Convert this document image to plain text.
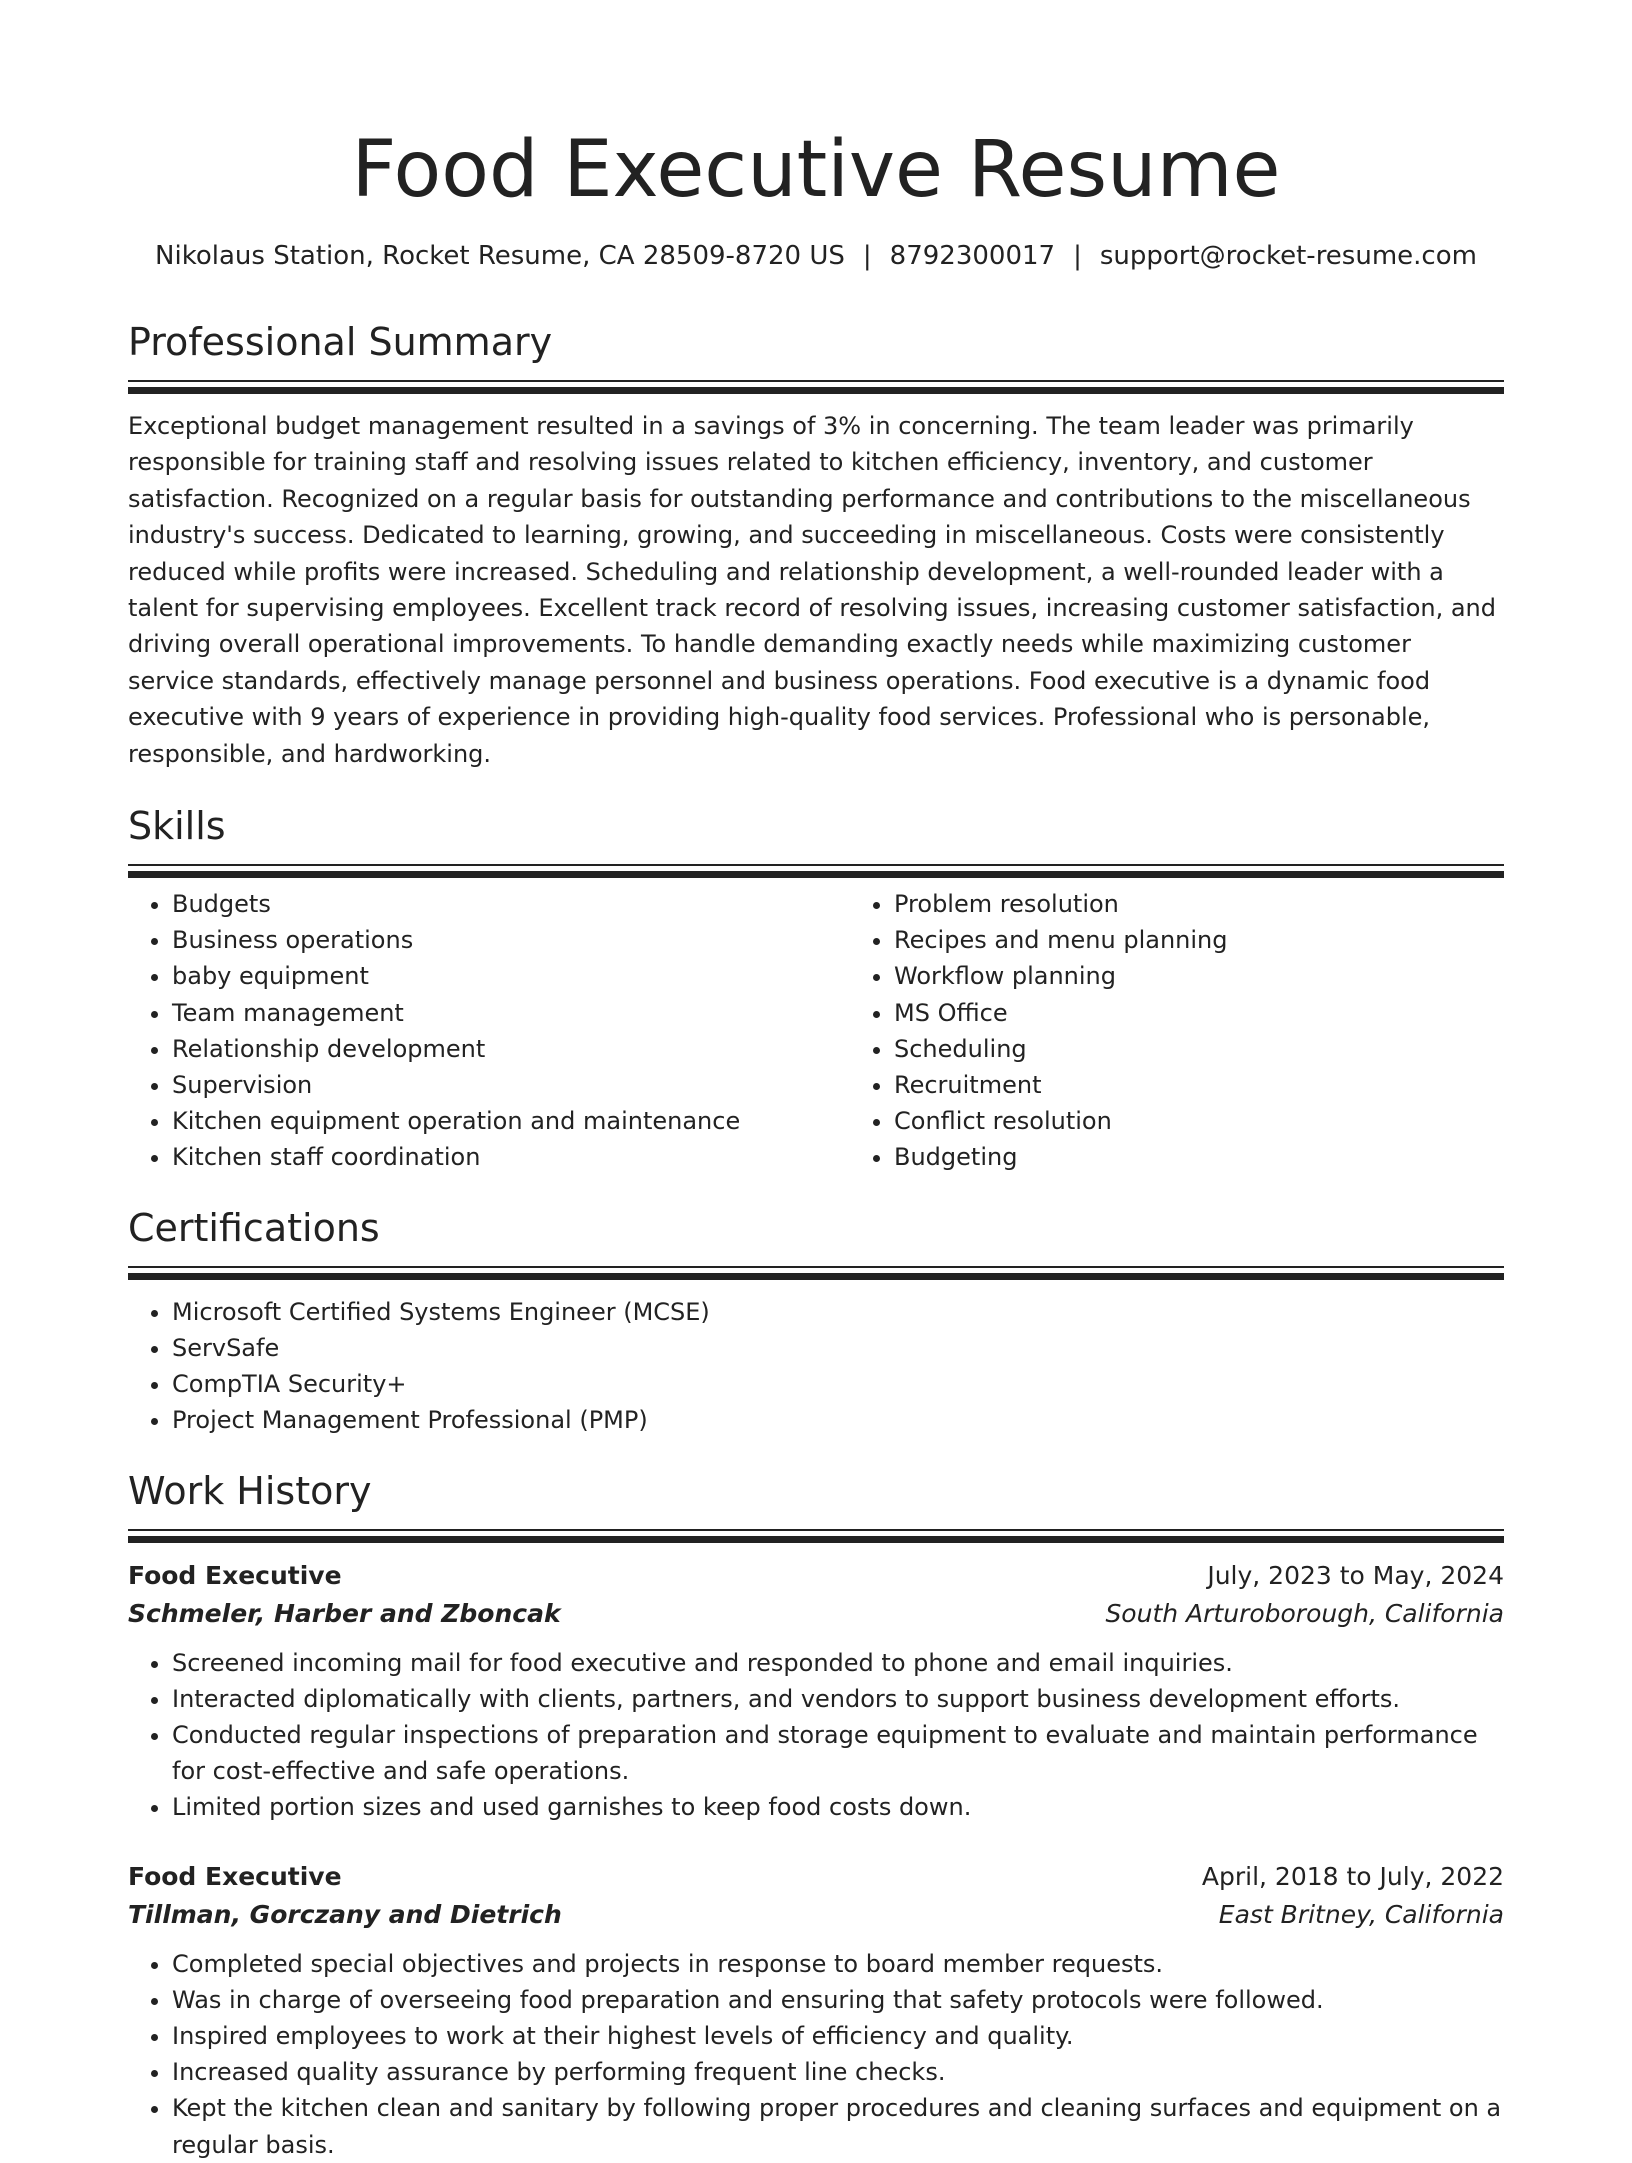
Food Executive Resume
Nikolaus Station, Rocket Resume, CA 28509-8720 US | 8792300017 | support@rocket-resume.com
Professional Summary

Exceptional budget management resulted in a savings of 3% in concerning. The team leader was primarily responsible for training staff and resolving issues related to kitchen efficiency, inventory, and customer satisfaction. Recognized on a regular basis for outstanding performance and contributions to the miscellaneous industry's success. Dedicated to learning, growing, and succeeding in miscellaneous. Costs were consistently reduced while profits were increased. Scheduling and relationship development, a well-rounded leader with a talent for supervising employees. Excellent track record of resolving issues, increasing customer satisfaction, and driving overall operational improvements. To handle demanding exactly needs while maximizing customer service standards, effectively manage personnel and business operations. Food executive is a dynamic food executive with 9 years of experience in providing high-quality food services. Professional who is personable, responsible, and hardworking.

Skills
• Budgets
• Business operations
• baby equipment
• Team management
• Relationship development
• Supervision
• Kitchen equipment operation and maintenance
• Kitchen staff coordination
• Problem resolution
• Recipes and menu planning
• Workflow planning
• MS Office
• Scheduling
• Recruitment
• Conflict resolution
• Budgeting
Certifications
• Microsoft Certified Systems Engineer (MCSE)
• ServSafe
• CompTIA Security+
• Project Management Professional (PMP)
Work History
Food Executive	July, 2023 to May, 2024
Schmeler, Harber and Zboncak	South Arturoborough, California
• Screened incoming mail for food executive and responded to phone and email inquiries.
• Interacted diplomatically with clients, partners, and vendors to support business development efforts.
• Conducted regular inspections of preparation and storage equipment to evaluate and maintain performance for cost-effective and safe operations.
• Limited portion sizes and used garnishes to keep food costs down.
Food Executive	April, 2018 to July, 2022
Tillman, Gorczany and Dietrich	East Britney, California
• Completed special objectives and projects in response to board member requests.
• Was in charge of overseeing food preparation and ensuring that safety protocols were followed.
• Inspired employees to work at their highest levels of efficiency and quality.
• Increased quality assurance by performing frequent line checks.
• Kept the kitchen clean and sanitary by following proper procedures and cleaning surfaces and equipment on a regular basis.
